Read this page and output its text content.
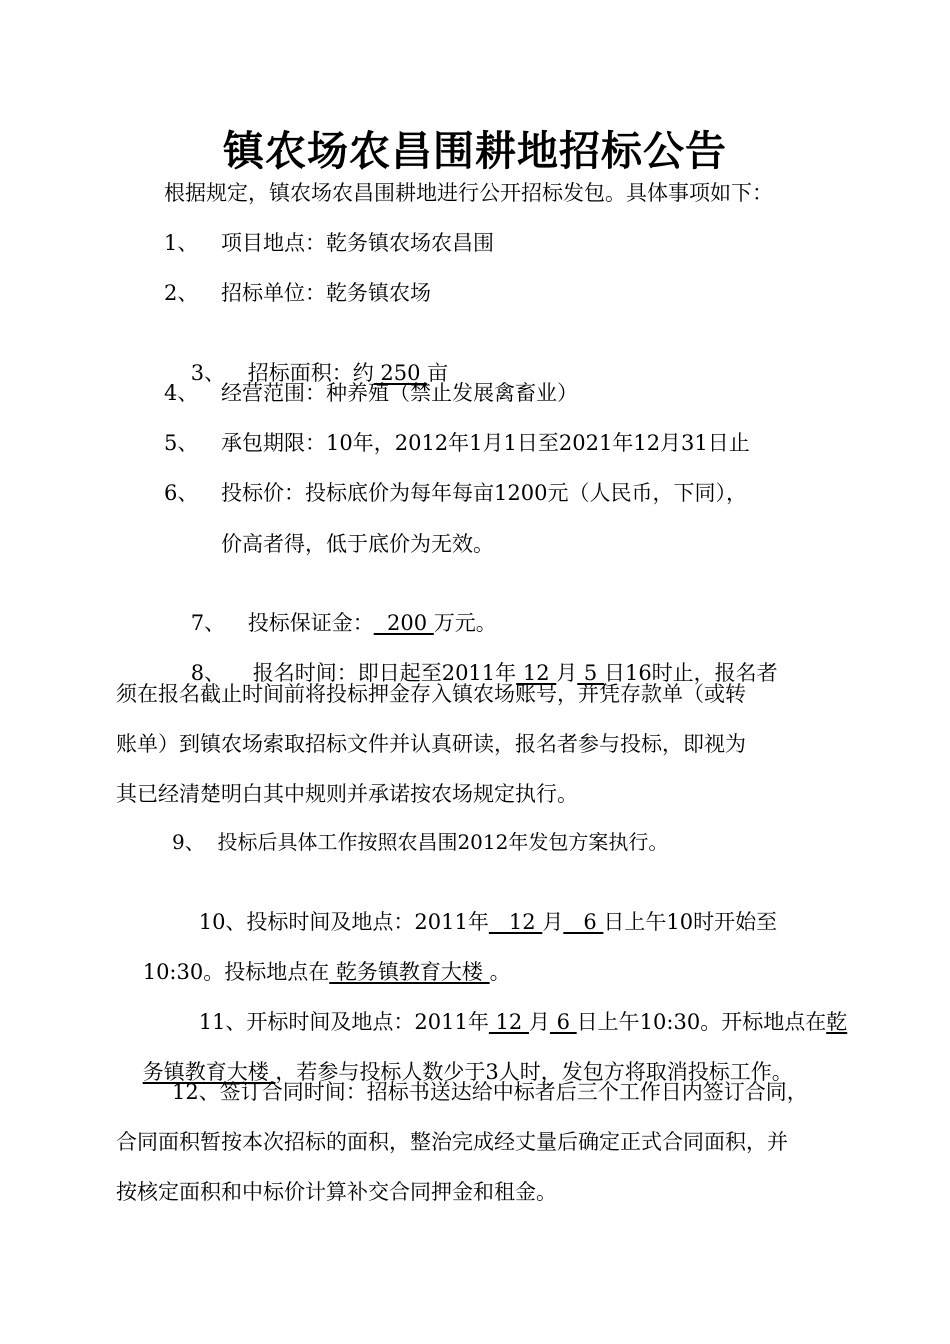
镇农场农昌围耕地招标公告
根据规定，镇农场农昌围耕地进行公开招标发包。具体事项如下：
1、 项目地点：乾务镇农场农昌围
2、 招标单位：乾务镇农场

3、 招标面积：约 250 亩

4、 经营范围：种养殖（禁止发展禽畜业）
5、 承包期限：10年，2012年1月1日至2021年12月31日止
6、 投标价：投标底价为每年每亩1200元（人民币，下同），
价高者得，低于底价为无效。

7、 投标保证金：  200 万元。

8、 报名时间：即日起至2011年 12 月 5 日16时止，报名者

须在报名截止时间前将投标押金存入镇农场账号，并凭存款单（或转
账单）到镇农场索取招标文件并认真研读，报名者参与投标，即视为
其已经清楚明白其中规则并承诺按农场规定执行。
9、  投标后具体工作按照农昌围2012年发包方案执行。

10、投标时间及地点：2011年   12 月   6 日上午10时开始至

10:30。投标地点在 乾务镇教育大楼 。

11、开标时间及地点：2011年 12 月 6 日上午10:30。开标地点在乾

务镇教育大楼 ，若参与投标人数少于3人时，发包方将取消投标工作。

12、签订合同时间：招标书送达给中标者后三个工作日内签订合同，
合同面积暂按本次招标的面积，整治完成经丈量后确定正式合同面积，并
按核定面积和中标价计算补交合同押金和租金。
